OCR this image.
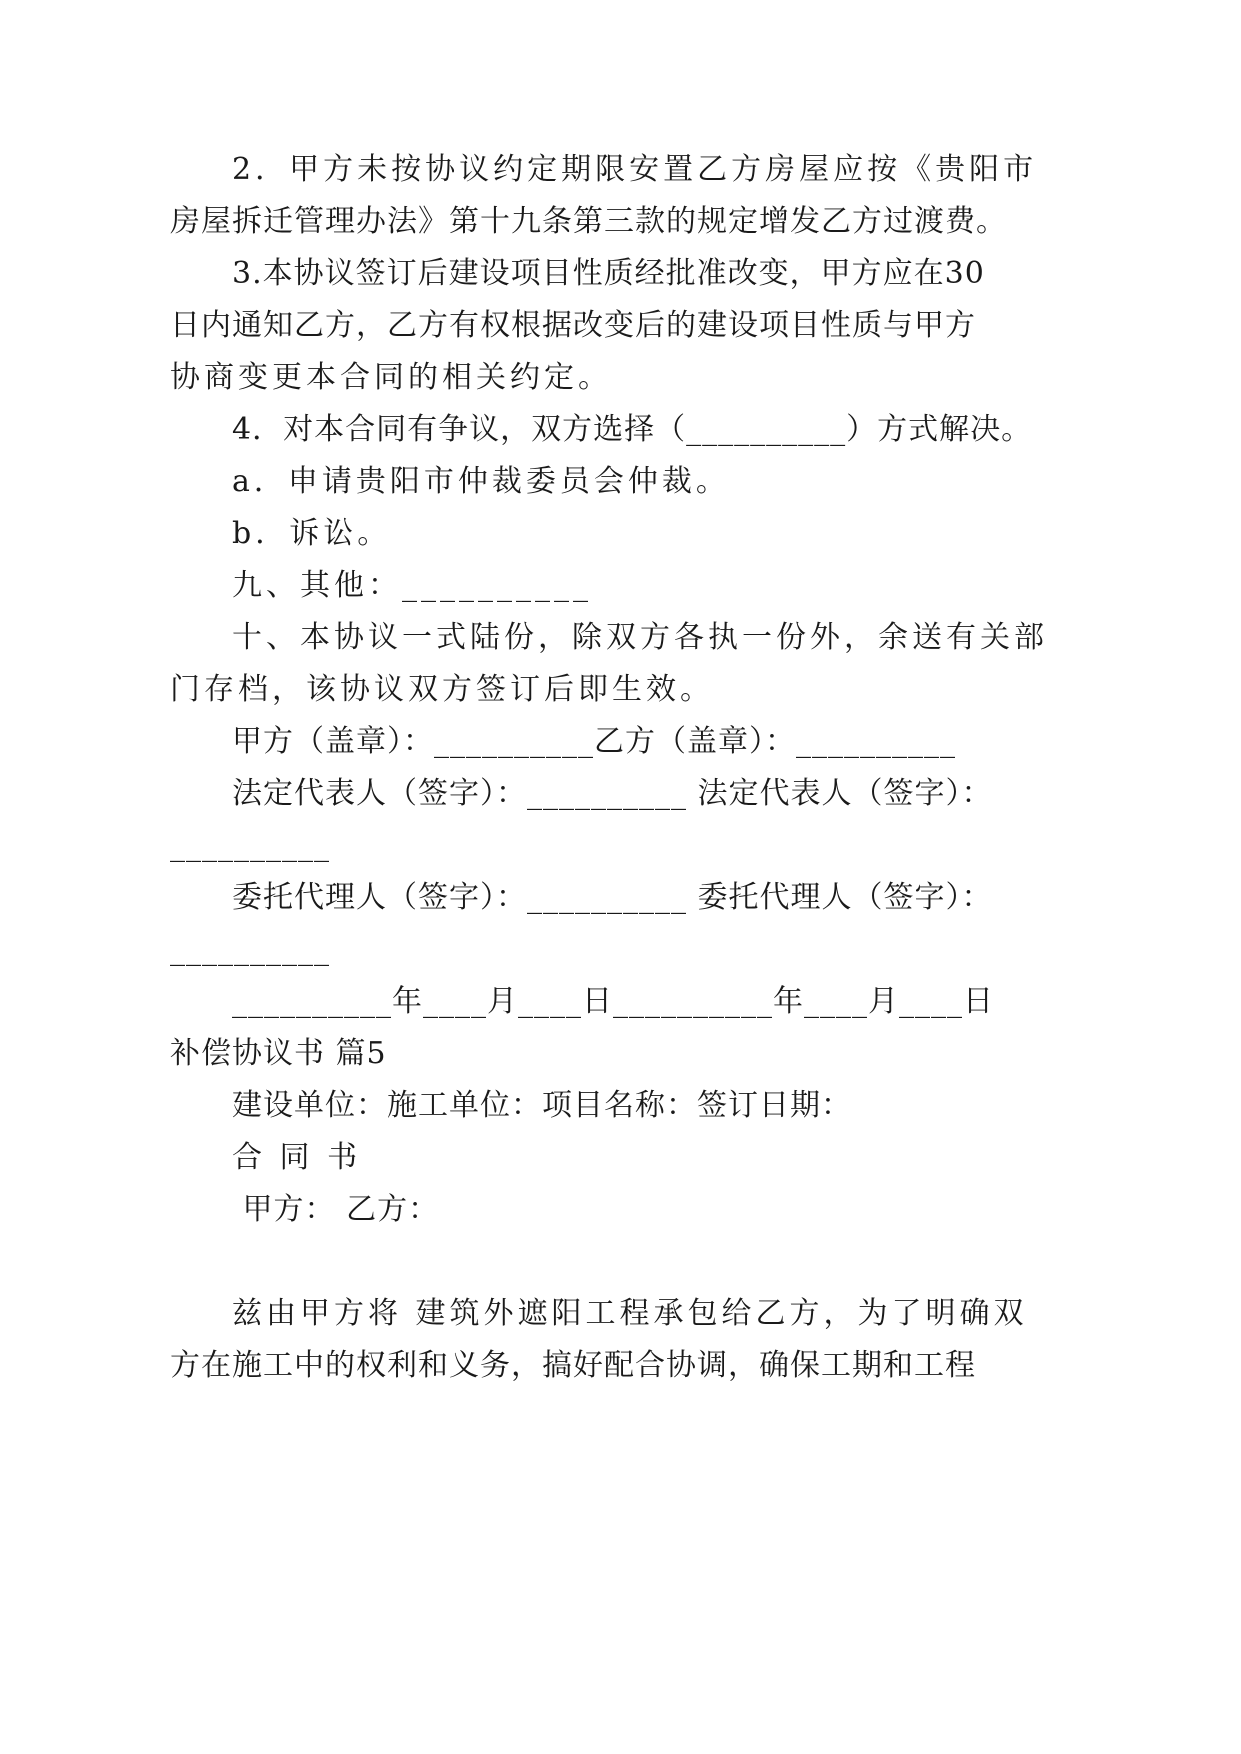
2．甲方未按协议约定期限安置乙方房屋应按《贵阳市
房屋拆迁管理办法》第十九条第三款的规定增发乙方过渡费。
3.本协议签订后建设项目性质经批准改变，甲方应在30
日内通知乙方，乙方有权根据改变后的建设项目性质与甲方
协商变更本合同的相关约定。
4．对本合同有争议，双方选择（__________）方式解决。
a．申请贵阳市仲裁委员会仲裁。
b．诉讼。
九、其他：__________
十、本协议一式陆份，除双方各执一份外，余送有关部
门存档，该协议双方签订后即生效。
甲方（盖章）：__________乙方（盖章）：__________
法定代表人（签字）：__________ 法定代表人（签字）：
__________
委托代理人（签字）：__________ 委托代理人（签字）：
__________
__________年____月____日__________年____月____日
补偿协议书 篇5
建设单位：施工单位：项目名称：签订日期：
合 同 书
甲方： 乙方：
兹由甲方将 建筑外遮阳工程承包给乙方，为了明确双
方在施工中的权利和义务，搞好配合协调，确保工期和工程
